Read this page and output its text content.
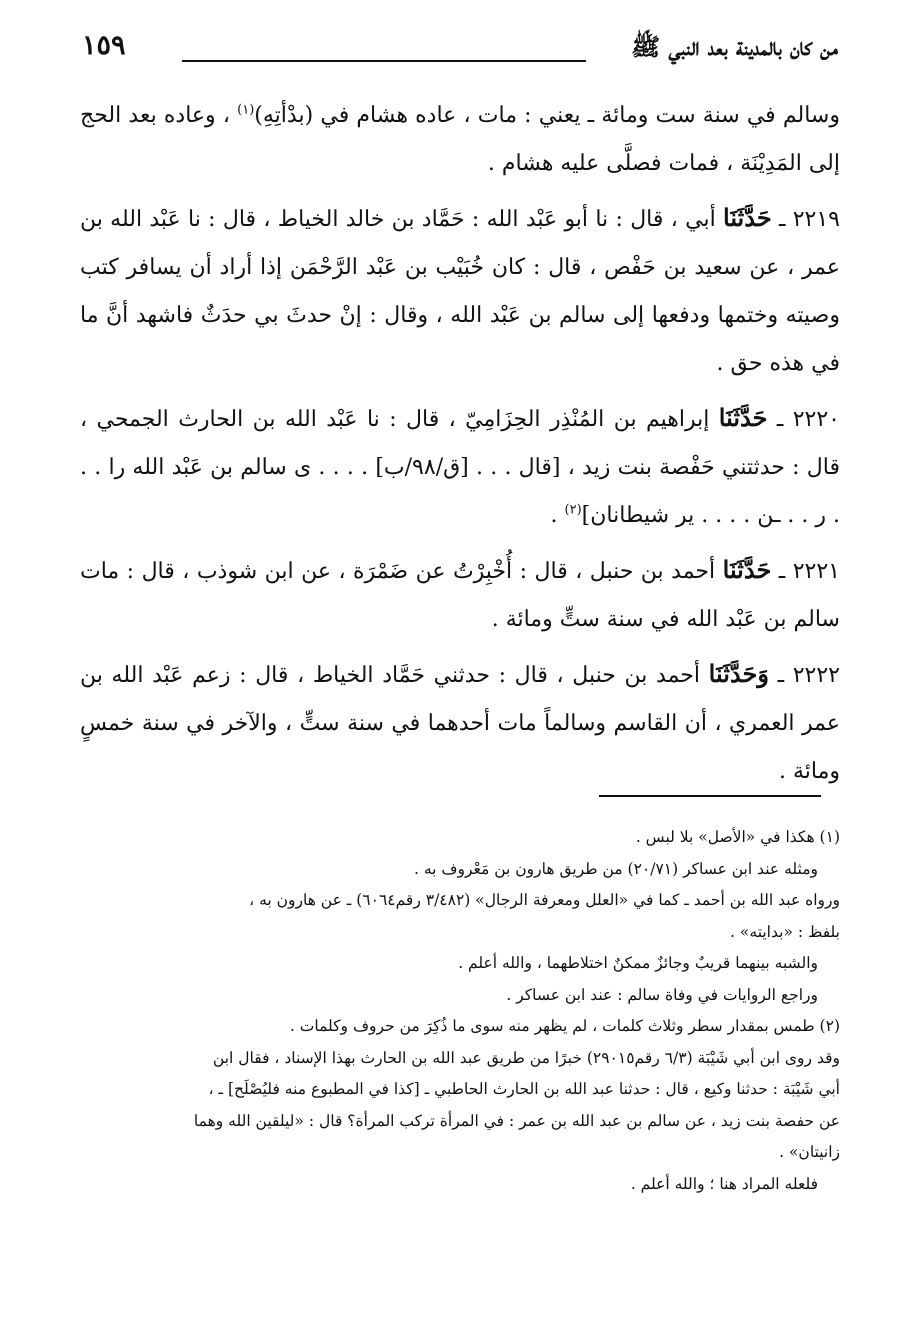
١٥٩	من كان بالمدينة بعد النبي ﷺ

وسالم في سنة ست ومائة ـ يعني : مات ، عاده هشام في (بدْأتِهِ)$^{(١)}$ ، وعاده بعد الحج إلى المَدِيْنَة ، فمات فصلَّى عليه هشام .

٢٢١٩ ـ حَدَّثَنَا أبي ، قال : نا أبو عَبْد الله : حَمَّاد بن خالد الخياط ، قال : نا عَبْد الله بن عمر ، عن سعيد بن حَفْص ، قال : كان خُبَيْب بن عَبْد الرَّحْمَن إذا أراد أن يسافر كتب وصيته وختمها ودفعها إلى سالم بن عَبْد الله ، وقال : إنْ حدثَ بي حدَثٌ فاشهد أنَّ ما في هذه حق .

٢٢٢٠ ـ حَدَّثَنَا إبراهيم بن المُنْذِر الحِزَامِيّ ، قال : نا عَبْد الله بن الحارث الجمحي ، قال : حدثتني حَفْصة بنت زيد ، [قال . . . [ق/٩٨/ب] . . . . ى سالم بن عَبْد الله را . . . ر . . ـن . . . . ير شيطانان]$^{(٢)}$ .

٢٢٢١ ـ حَدَّثَنَا أحمد بن حنبل ، قال : أُخْبِرْتُ عن ضَمْرَة ، عن ابن شوذب ، قال : مات سالم بن عَبْد الله في سنة ستٍّ ومائة .

٢٢٢٢ ـ وَحَدَّثَنَا أحمد بن حنبل ، قال : حدثني حَمَّاد الخياط ، قال : زعم عَبْد الله بن عمر العمري ، أن القاسم وسالماً مات أحدهما في سنة ستٍّ ، والآخر في سنة خمسٍ ومائة .

(١) هكذا في «الأصل» بلا لبس .
ومثله عند ابن عساكر (٢٠/٧١) من طريق هارون بن مَعْروف به .
ورواه عبد الله بن أحمد ـ كما في «العلل ومعرفة الرجال» (٣/٤٨٢ رقم٦٠٦٤) ـ عن هارون به ،
بلفظ : «بدايته» .
والشبه بينهما قريبٌ وجائزٌ ممكنٌ اختلاطهما ، والله أعلم .
وراجع الروايات في وفاة سالم : عند ابن عساكر .
(٢) طمس بمقدار سطر وثلاث كلمات ، لم يظهر منه سوى ما ذُكِرَ من حروف وكلمات .
وقد روى ابن أبي شَيْبَة (٦/٣ رقم٢٩٠١٥) خبرًا من طريق عبد الله بن الحارث بهذا الإسناد ، فقال ابن
أبي شَيْبَة : حدثنا وكيع ، قال : حدثنا عبد الله بن الحارث الحاطبي ـ [كذا في المطبوع منه فليُصْلَح] ـ ،
عن حفصة بنت زيد ، عن سالم بن عبد الله بن عمر : في المرأة تركب المرأة؟ قال : «ليلقين الله وهما
زانيتان» .
فلعله المراد هنا ؛ والله أعلم .
